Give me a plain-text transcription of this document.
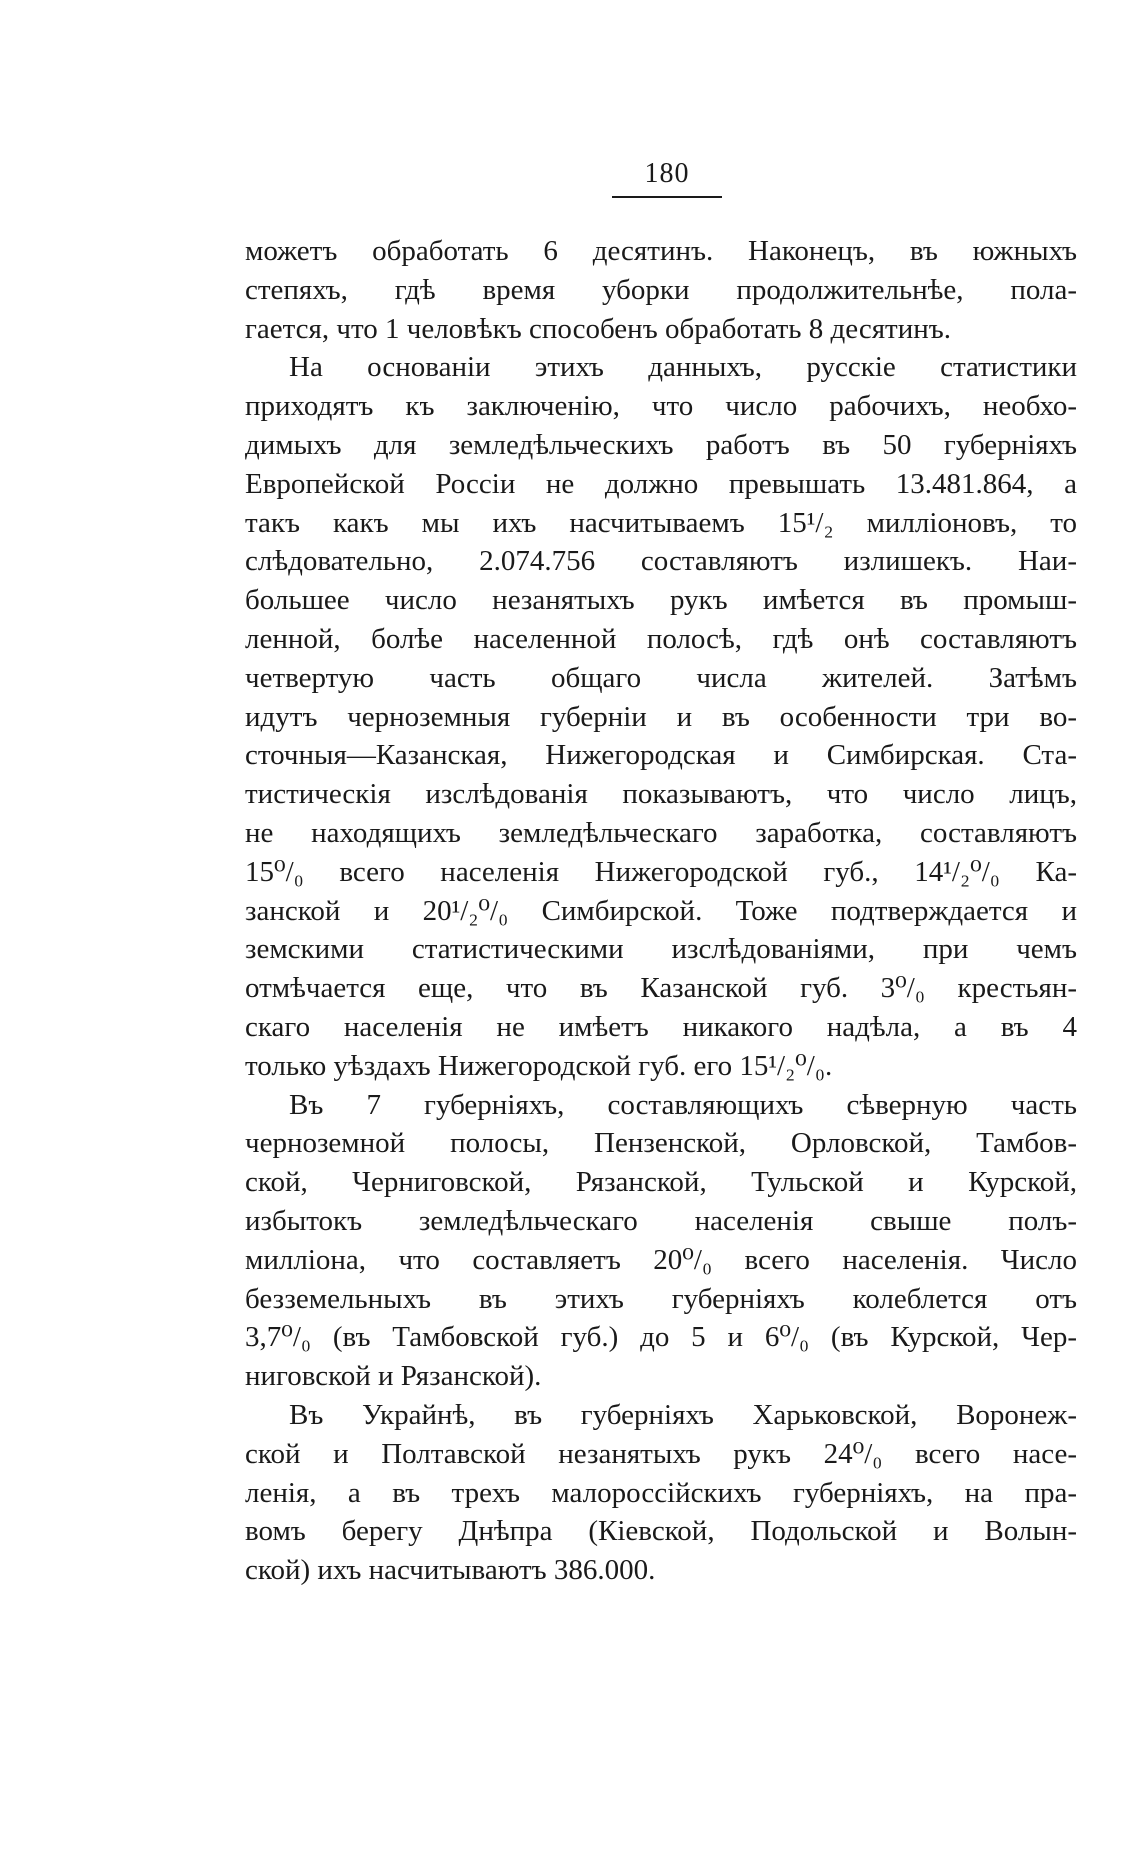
180
можетъ обработать 6 десятинъ. Наконецъ, въ южныхъ
степяхъ, гдѣ время уборки продолжительнѣе, пола-
гается, что 1 человѣкъ способенъ обработать 8 десятинъ.
На основаніи этихъ данныхъ, русскіе статистики
приходятъ къ заключенію, что число рабочихъ, необхо-
димыхъ для земледѣльческихъ работъ въ 50 губерніяхъ
Европейской Россіи не должно превышать 13.481.864, а
такъ какъ мы ихъ насчитываемъ 15¹/₂ милліоновъ, то
слѣдовательно, 2.074.756 составляютъ излишекъ. Наи-
большее число незанятыхъ рукъ имѣется въ промыш-
ленной, болѣе населенной полосѣ, гдѣ онѣ составляютъ
четвертую часть общаго числа жителей. Затѣмъ
идутъ черноземныя губерніи и въ особенности три во-
сточныя—Казанская, Нижегородская и Симбирская. Ста-
тистическія изслѣдованія показываютъ, что число лицъ,
не находящихъ земледѣльческаго заработка, составляютъ
15⁰/₀ всего населенія Нижегородской губ., 14¹/₂⁰/₀ Ка-
занской и 20¹/₂⁰/₀ Симбирской. Тоже подтверждается и
земскими статистическими изслѣдованіями, при чемъ
отмѣчается еще, что въ Казанской губ. 3⁰/₀ крестьян-
скаго населенія не имѣетъ никакого надѣла, а въ 4
только уѣздахъ Нижегородской губ. его 15¹/₂⁰/₀.
Въ 7 губерніяхъ, составляющихъ сѣверную часть
черноземной полосы, Пензенской, Орловской, Тамбов-
ской, Черниговской, Рязанской, Тульской и Курской,
избытокъ земледѣльческаго населенія свыше полъ-
милліона, что составляетъ 20⁰/₀ всего населенія. Число
безземельныхъ въ этихъ губерніяхъ колеблется отъ
3,7⁰/₀ (въ Тамбовской губ.) до 5 и 6⁰/₀ (въ Курской, Чер-
ниговской и Рязанской).
Въ Украйнѣ, въ губерніяхъ Харьковской, Воронеж-
ской и Полтавской незанятыхъ рукъ 24⁰/₀ всего насе-
ленія, а въ трехъ малороссійскихъ губерніяхъ, на пра-
вомъ берегу Днѣпра (Кіевской, Подольской и Волын-
ской) ихъ насчитываютъ 386.000.
